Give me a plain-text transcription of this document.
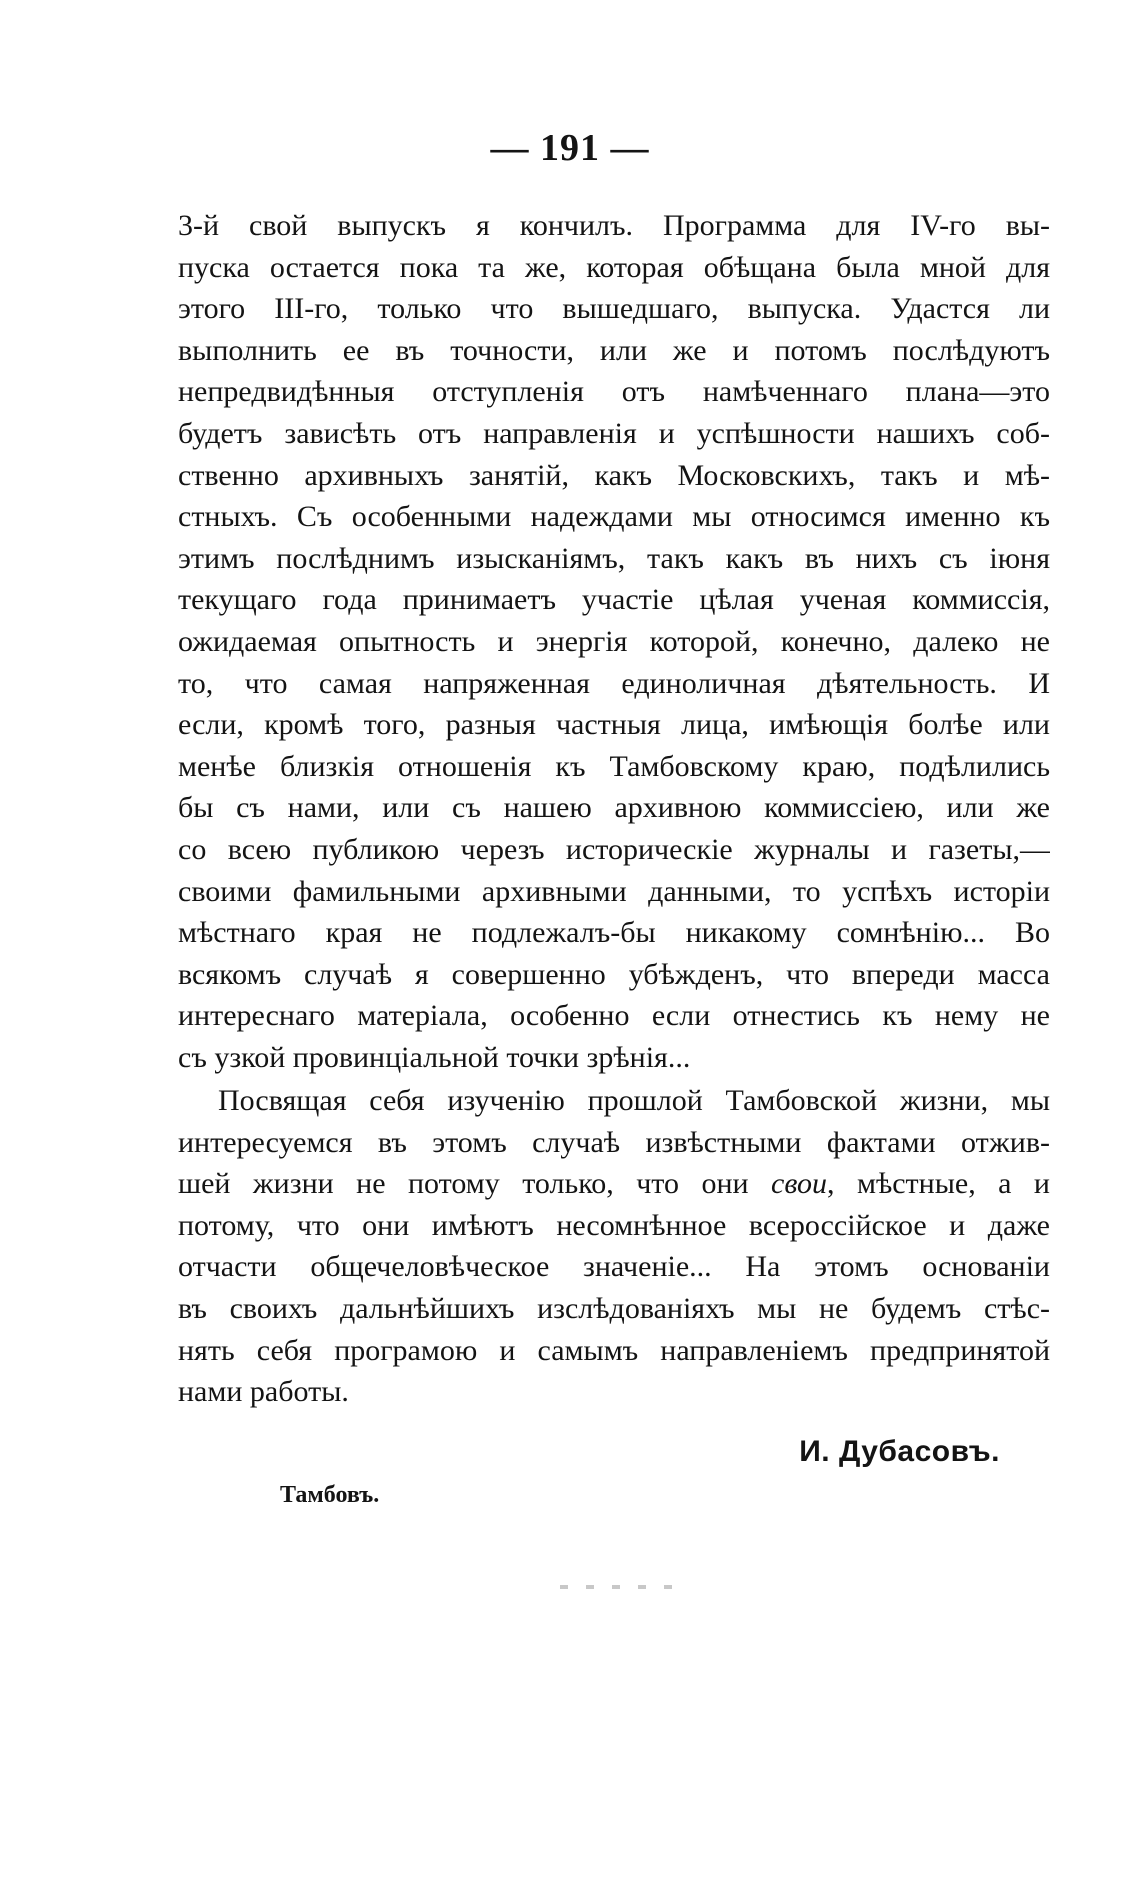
— 191 —
3-й свой выпускъ я кончилъ. Программа для IV-го вы-
пуска остается пока та же, которая обѣщана была мной для
этого III-го, только что вышедшаго, выпуска. Удастся ли
выполнить ее въ точности, или же и потомъ послѣдуютъ
непредвидѣнныя отступленія отъ намѣченнаго плана—это
будетъ зависѣть отъ направленія и успѣшности нашихъ соб-
ственно архивныхъ занятій, какъ Московскихъ, такъ и мѣ-
стныхъ. Съ особенными надеждами мы относимся именно къ
этимъ послѣднимъ изысканіямъ, такъ какъ въ нихъ съ іюня
текущаго года принимаетъ участіе цѣлая ученая коммиссія,
ожидаемая опытность и энергія которой, конечно, далеко не
то, что самая напряженная единоличная дѣятельность. И
если, кромѣ того, разныя частныя лица, имѣющія болѣе или
менѣе близкія отношенія къ Тамбовскому краю, подѣлились
бы съ нами, или съ нашею архивною коммиссіею, или же
со всею публикою черезъ историческіе журналы и газеты,—
своими фамильными архивными данными, то успѣхъ исторіи
мѣстнаго края не подлежалъ-бы никакому сомнѣнію... Во
всякомъ случаѣ я совершенно убѣжденъ, что впереди масса
интереснаго матеріала, особенно если отнестись къ нему не
съ узкой провинціальной точки зрѣнія...
Посвящая себя изученію прошлой Тамбовской жизни, мы
интересуемся въ этомъ случаѣ извѣстными фактами отжив-
шей жизни не потому только, что они свои, мѣстные, а и
потому, что они имѣютъ несомнѣнное всероссійское и даже
отчасти общечеловѣческое значеніе... На этомъ основаніи
въ своихъ дальнѣйшихъ изслѣдованіяхъ мы не будемъ стѣс-
нять себя програмою и самымъ направленіемъ предпринятой
нами работы.
И. Дубасовъ.
Тамбовъ.
